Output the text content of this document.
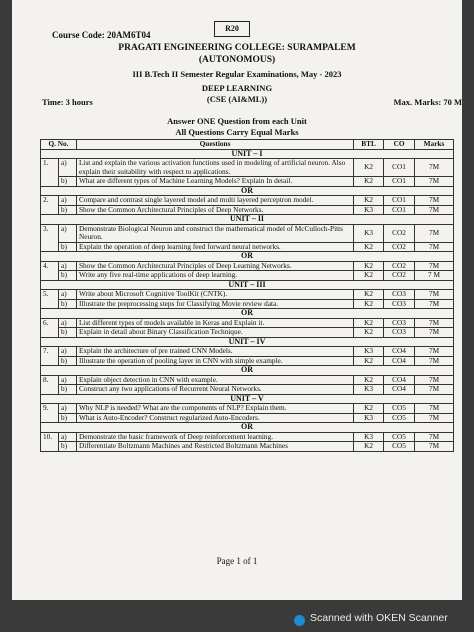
Course Code: 20AM6T04
R20
PRAGATI ENGINEERING COLLEGE: SURAMPALEM
(AUTONOMOUS)
III B.Tech II Semester Regular Examinations, May - 2023
DEEP LEARNING
(CSE (AI&ML))
Time: 3 hours	Max. Marks: 70 M
Answer ONE Question from each Unit
All Questions Carry Equal Marks
Q. No.		Questions	BTL	CO	Marks
UNIT – I					
1.	a)	List and explain the various activation functions used in modeling of artificial neuron. Also explain their suitability with respect to applications.	K2	CO1	7M
	b)	What are different types of Machine Learning Models? Explain In detail.	K2	CO1	7M
OR					
2.	a)	Compare and contrast single layered model and multi layered perceptron model.	K2	CO1	7M
	b)	Show the Common Architectural Principles of Deep Networks.	K3	CO1	7M
UNIT – II					
3.	a)	Demonstrate Biological Neuron and construct the mathematical model of McCulloch-Pitts Neuron.	K3	CO2	7M
	b)	Explain the operation of deep learning feed forward neural networks.	K2	CO2	7M
OR					
4.	a)	Show the Common Architectural Principles of Deep Learning Networks.	K2	CO2	7M
	b)	Write any five real-time applications of deep learning.	K2	CO2	7 M
UNIT – III					
5.	a)	Write about Microsoft Cognitive ToolKit (CNTK).	K2	CO3	7M
	b)	Illustrate the preprocessing steps for Classifying Movie review data.	K2	CO3	7M
OR					
6.	a)	List different types of models available in Keras and Explain it.	K2	CO3	7M
	b)	Explain in detail about Binary Classification Technique.	K2	CO3	7M
UNIT – IV					
7.	a)	Explain the architecture of pre trained CNN Models.	K3	CO4	7M
	b)	Illustrate the operation of pooling layer in CNN with simple example.	K2	CO4	7M
OR					
8.	a)	Explain object detection in CNN with example.	K2	CO4	7M
	b)	Construct any two applications of Recurrent Neural Networks.	K3	CO4	7M
UNIT – V					
9.	a)	Why NLP is needed? What are the components of NLP? Explain them.	K2	CO5	7M
	b)	What is Auto-Encoder? Construct regularized Auto-Encoders.	K3	CO5	7M
OR					
10.	a)	Demonstrate the basic framework of Deep reinforcement learning.	K3	CO5	7M
	b)	Differentiate Boltzmann Machines and Restricted Boltzmann Machines	K2	CO5	7M
Page 1 of 1
Scanned with OKEN Scanner
